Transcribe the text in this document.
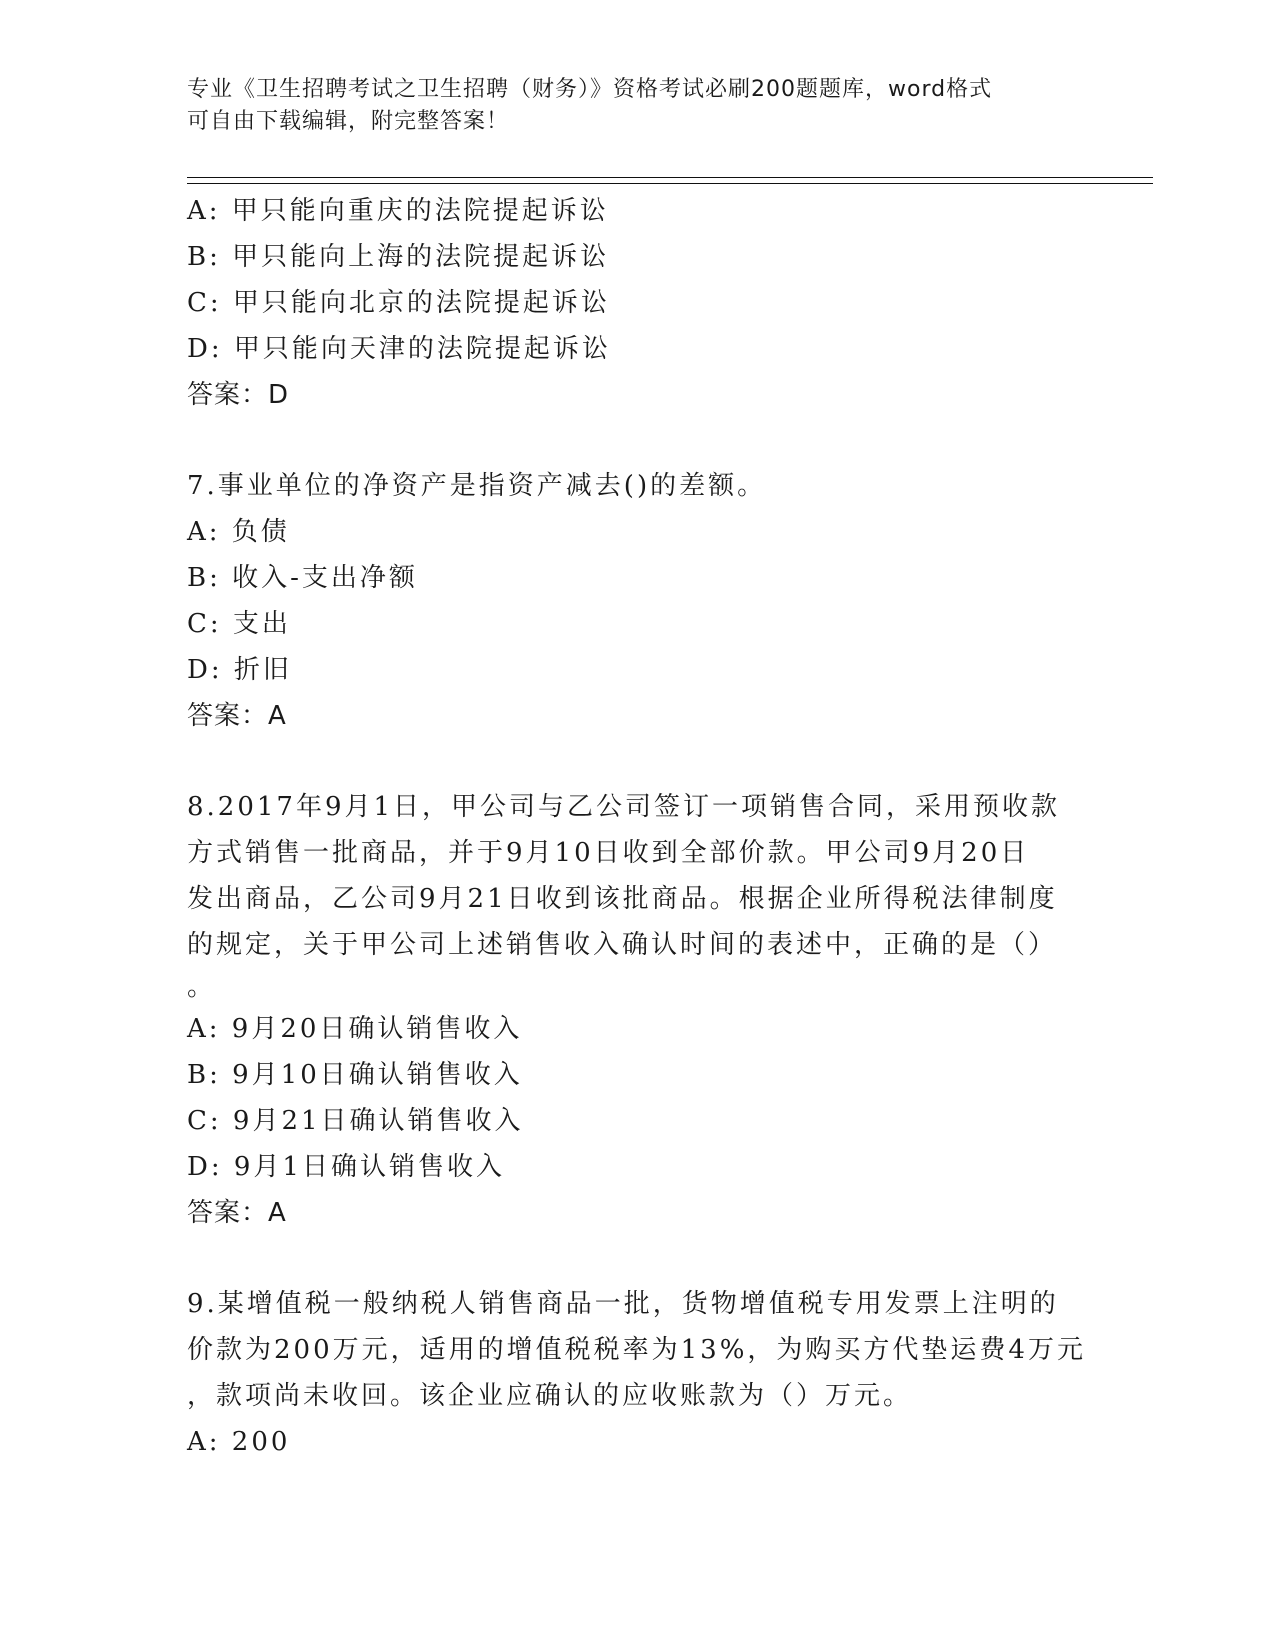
专业《卫生招聘考试之卫生招聘（财务）》资格考试必刷200题题库，word格式
可自由下载编辑，附完整答案！
A: 甲只能向重庆的法院提起诉讼
B: 甲只能向上海的法院提起诉讼
C: 甲只能向北京的法院提起诉讼
D: 甲只能向天津的法院提起诉讼
答案：D
7.事业单位的净资产是指资产减去()的差额。
A: 负债
B: 收入-支出净额
C: 支出
D: 折旧
答案：A
8.2017年9月1日，甲公司与乙公司签订一项销售合同，采用预收款
方式销售一批商品，并于9月10日收到全部价款。甲公司9月20日
发出商品，乙公司9月21日收到该批商品。根据企业所得税法律制度
的规定，关于甲公司上述销售收入确认时间的表述中，正确的是（）
。
A: 9月20日确认销售收入
B: 9月10日确认销售收入
C: 9月21日确认销售收入
D: 9月1日确认销售收入
答案：A
9.某增值税一般纳税人销售商品一批，货物增值税专用发票上注明的
价款为200万元，适用的增值税税率为13%，为购买方代垫运费4万元
，款项尚未收回。该企业应确认的应收账款为（）万元。
A: 200
